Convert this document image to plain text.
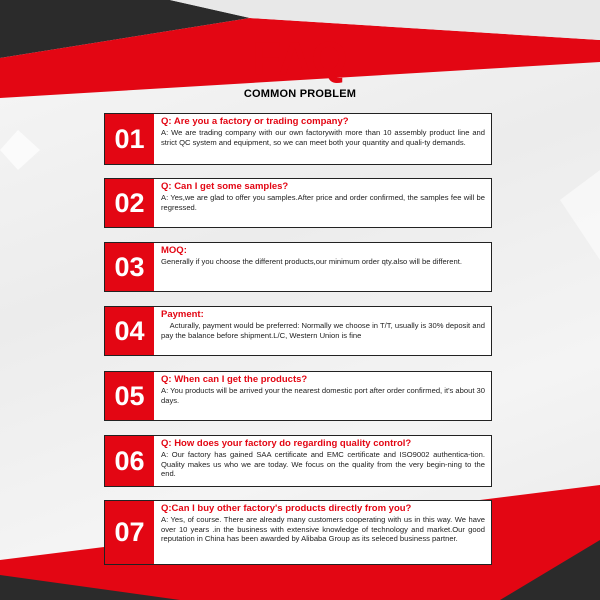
FAQ
COMMON PROBLEM
01
Q: Are you a factory or trading company?
A: We are trading company with our own factorywith more than 10 assembly product line and strict QC system and equipment, so we can meet both your quantity and quali-ty demands.
02
Q: Can I get some samples?
A: Yes,we are glad to offer you samples.After price and order confirmed, the samples fee will be regressed.
03
MOQ:
Generally if you choose the different products,our minimum order qty.also will be different.
04
Payment:
Acturally, payment would be preferred: Normally we choose in T/T, usually is 30% deposit and pay the balance before shipment.L/C, Western Union is fine
05
Q: When can I get the products?
A: You products will be arrived your the nearest domestic port after order confirmed, it's about 30 days.
06
Q: How does your factory do regarding quality control?
A: Our factory has gained SAA certificate and EMC certificate and ISO9002 authentica-tion. Quality makes us who we are today. We focus on the quality from the very begin-ning to the end.
07
Q:Can I buy other factory's products directly from you?
A: Yes, of course. There are already many customers cooperating with us in this way. We have over 10 years .in the business with extensive knowledge of technology and market.Our good reputation in China has been awarded by Alibaba Group as its seleced business partner.
